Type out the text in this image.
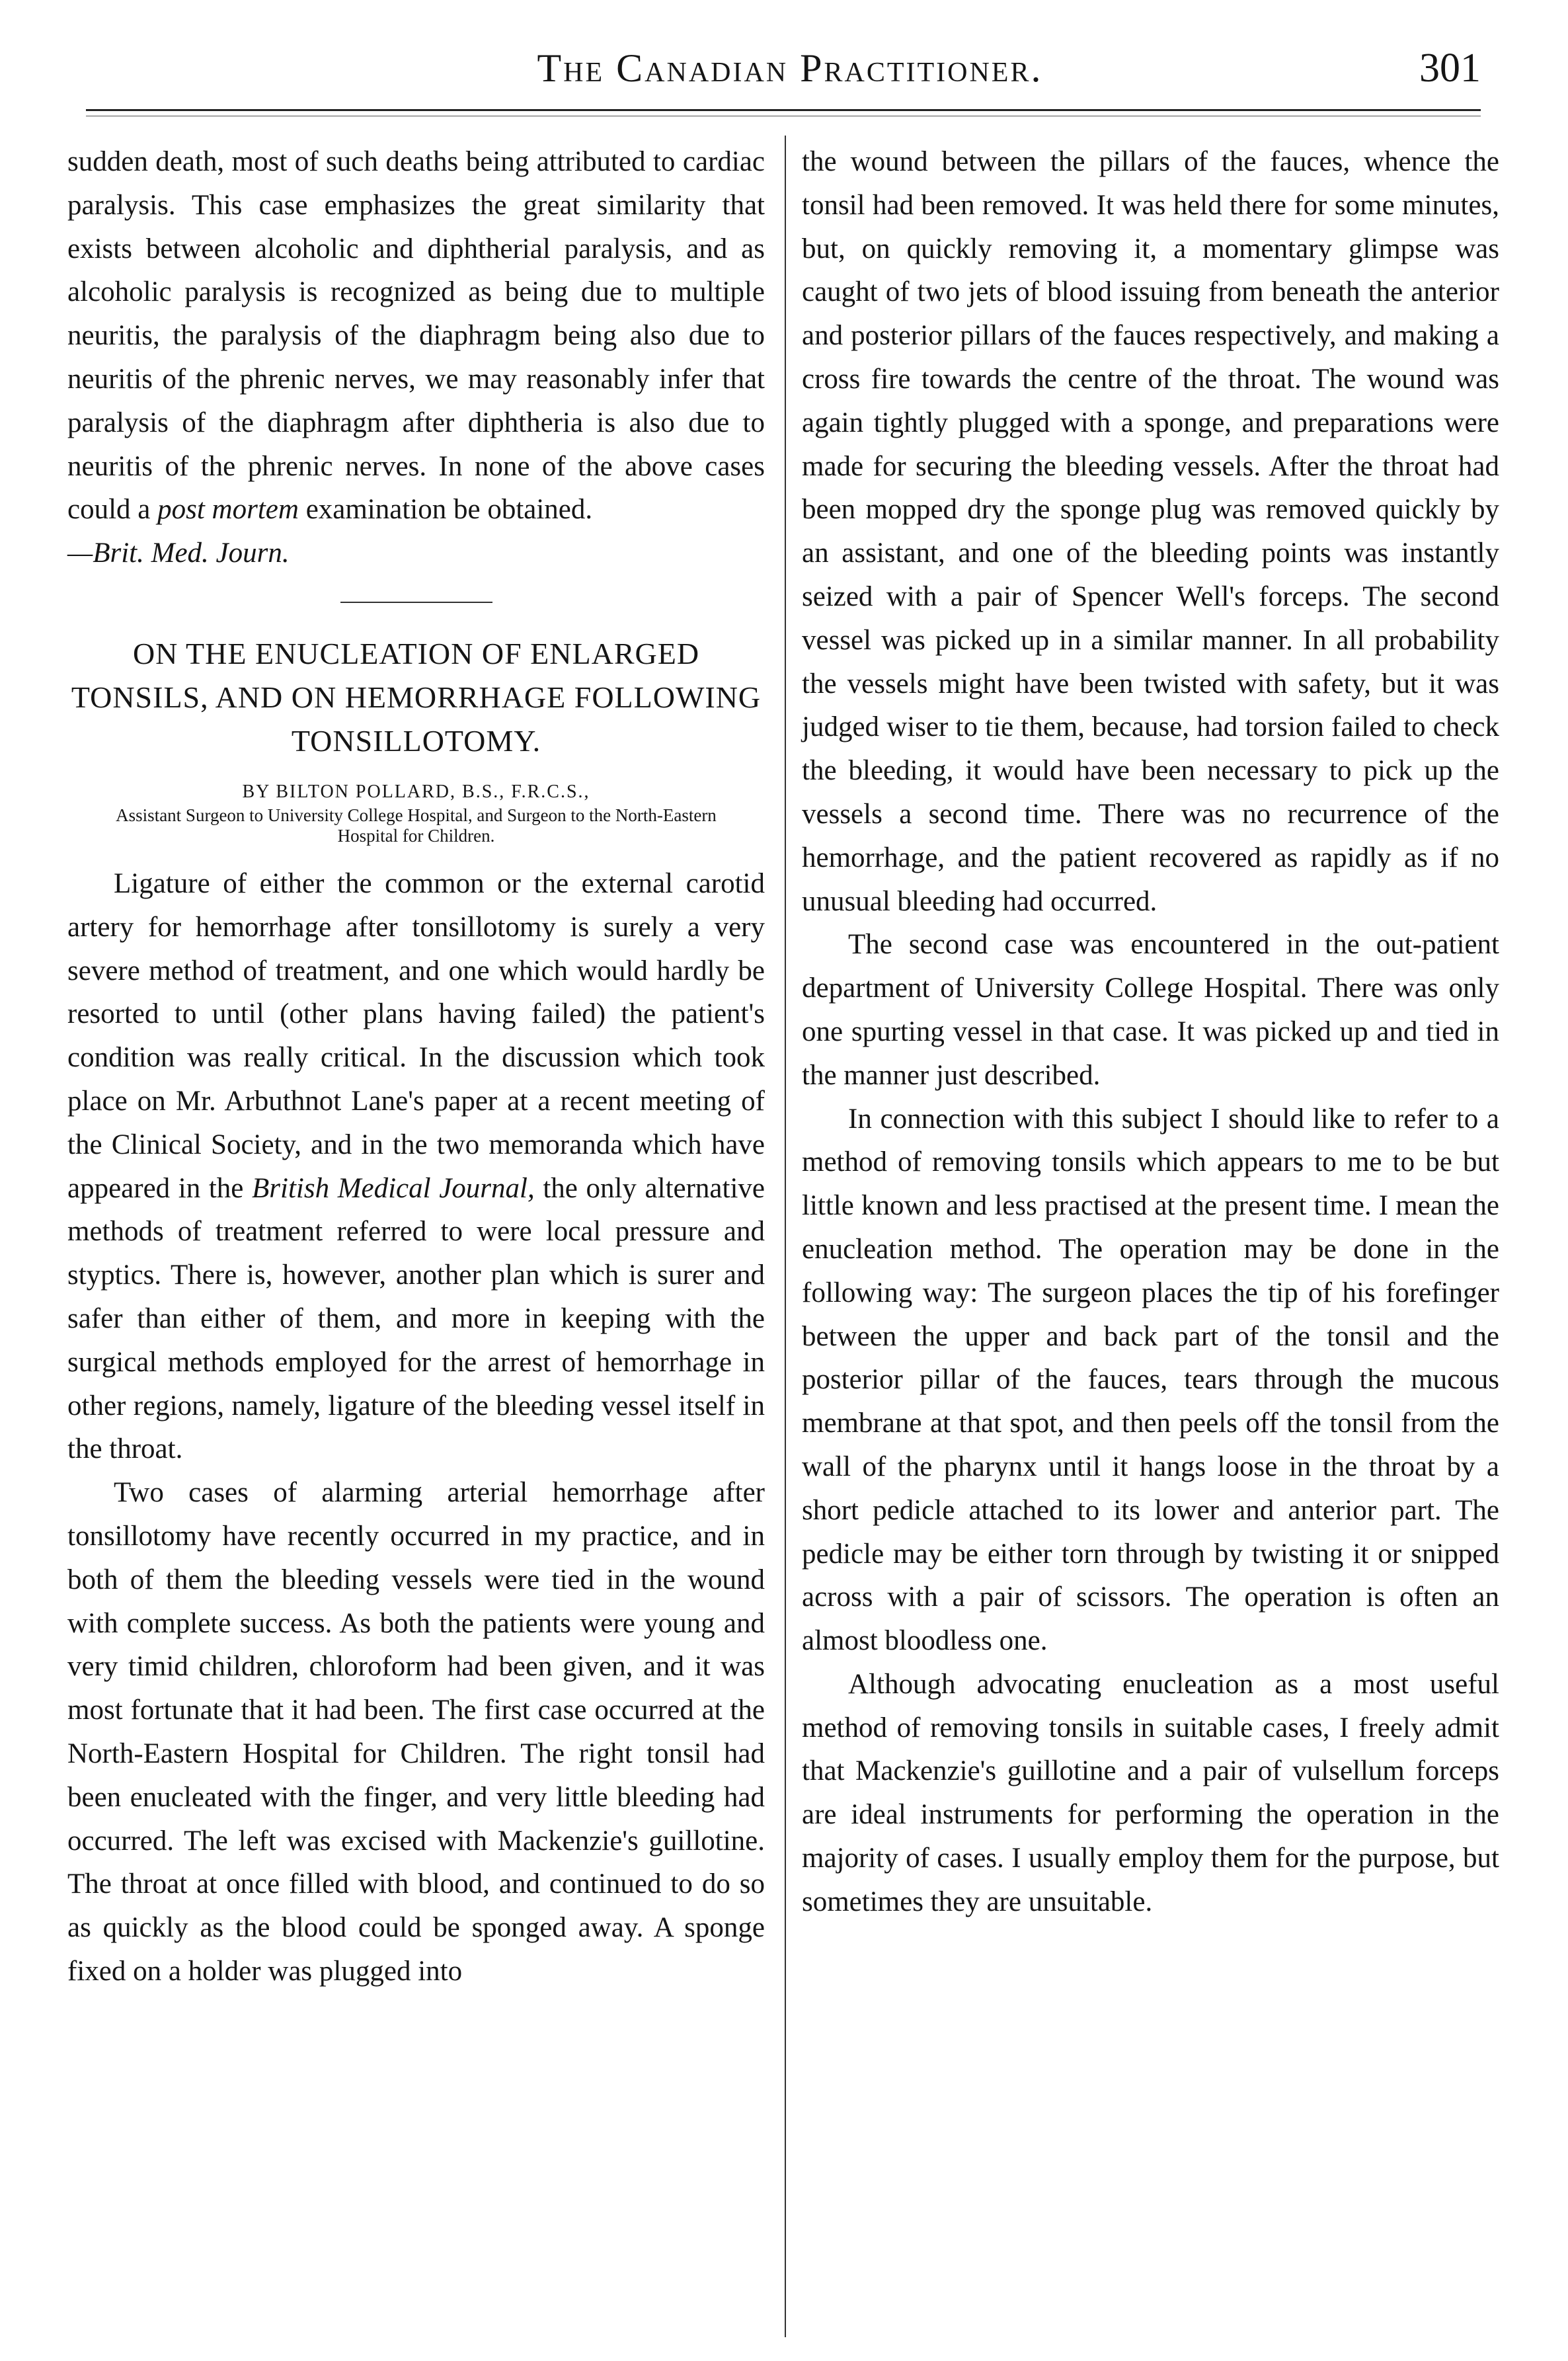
The Canadian Practitioner.	301

sudden death, most of such deaths being attributed to cardiac paralysis. This case emphasizes the great similarity that exists between alcoholic and diphtherial paralysis, and as alcoholic paralysis is recognized as being due to multiple neuritis, the paralysis of the diaphragm being also due to neuritis of the phrenic nerves, we may reasonably infer that paralysis of the diaphragm after diphtheria is also due to neuritis of the phrenic nerves. In none of the above cases could a post mortem examination be obtained.

—Brit. Med. Journ.

ON THE ENUCLEATION OF ENLARGED TONSILS, AND ON HEMORRHAGE FOLLOWING TONSILLOTOMY.

BY BILTON POLLARD, B.S., F.R.C.S.,

Assistant Surgeon to University College Hospital, and Surgeon to the North-Eastern Hospital for Children.

Ligature of either the common or the external carotid artery for hemorrhage after tonsillotomy is surely a very severe method of treatment, and one which would hardly be resorted to until (other plans having failed) the patient's condition was really critical. In the discussion which took place on Mr. Arbuthnot Lane's paper at a recent meeting of the Clinical Society, and in the two memoranda which have appeared in the British Medical Journal, the only alternative methods of treatment referred to were local pressure and styptics. There is, however, another plan which is surer and safer than either of them, and more in keeping with the surgical methods employed for the arrest of hemorrhage in other regions, namely, ligature of the bleeding vessel itself in the throat.

Two cases of alarming arterial hemorrhage after tonsillotomy have recently occurred in my practice, and in both of them the bleeding vessels were tied in the wound with complete success. As both the patients were young and very timid children, chloroform had been given, and it was most fortunate that it had been. The first case occurred at the North-Eastern Hospital for Children. The right tonsil had been enucleated with the finger, and very little bleeding had occurred. The left was excised with Mackenzie's guillotine. The throat at once filled with blood, and continued to do so as quickly as the blood could be sponged away. A sponge fixed on a holder was plugged into

the wound between the pillars of the fauces, whence the tonsil had been removed. It was held there for some minutes, but, on quickly removing it, a momentary glimpse was caught of two jets of blood issuing from beneath the anterior and posterior pillars of the fauces respectively, and making a cross fire towards the centre of the throat. The wound was again tightly plugged with a sponge, and preparations were made for securing the bleeding vessels. After the throat had been mopped dry the sponge plug was removed quickly by an assistant, and one of the bleeding points was instantly seized with a pair of Spencer Well's forceps. The second vessel was picked up in a similar manner. In all probability the vessels might have been twisted with safety, but it was judged wiser to tie them, because, had torsion failed to check the bleeding, it would have been necessary to pick up the vessels a second time. There was no recurrence of the hemorrhage, and the patient recovered as rapidly as if no unusual bleeding had occurred.

The second case was encountered in the out-patient department of University College Hospital. There was only one spurting vessel in that case. It was picked up and tied in the manner just described.

In connection with this subject I should like to refer to a method of removing tonsils which appears to me to be but little known and less practised at the present time. I mean the enucleation method. The operation may be done in the following way: The surgeon places the tip of his forefinger between the upper and back part of the tonsil and the posterior pillar of the fauces, tears through the mucous membrane at that spot, and then peels off the tonsil from the wall of the pharynx until it hangs loose in the throat by a short pedicle attached to its lower and anterior part. The pedicle may be either torn through by twisting it or snipped across with a pair of scissors. The operation is often an almost bloodless one.

Although advocating enucleation as a most useful method of removing tonsils in suitable cases, I freely admit that Mackenzie's guillotine and a pair of vulsellum forceps are ideal instruments for performing the operation in the majority of cases. I usually employ them for the purpose, but sometimes they are unsuitable.
